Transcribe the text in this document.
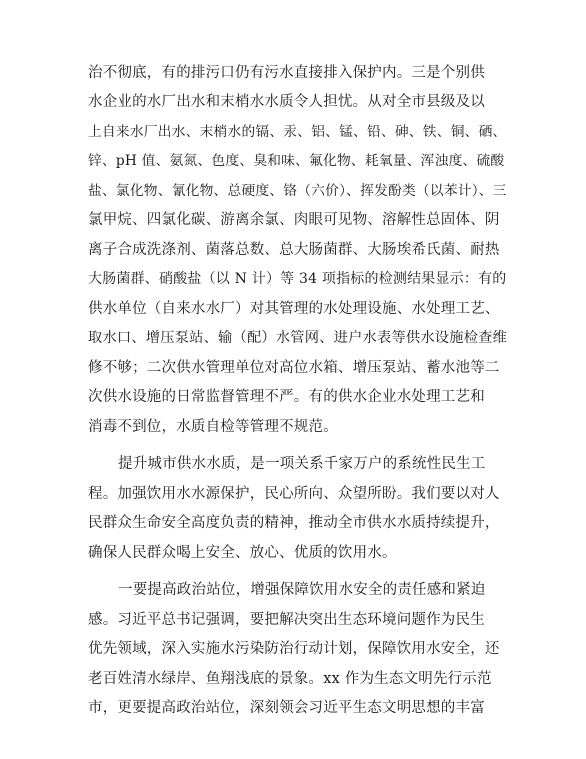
治不彻底，有的排污口仍有污水直接排入保护内。三是个别供
水企业的水厂出水和末梢水水质令人担忧。从对全市县级及以
上自来水厂出水、末梢水的镉、汞、铝、锰、铅、砷、铁、铜、硒、
锌、pH 值、氨氮、色度、臭和味、氟化物、耗氧量、浑浊度、硫酸
盐、氯化物、氰化物、总硬度、铬（六价）、挥发酚类（以苯计）、三
氯甲烷、四氯化碳、游离余氯、肉眼可见物、溶解性总固体、阴
离子合成洗涤剂、菌落总数、总大肠菌群、大肠埃希氏菌、耐热
大肠菌群、硝酸盐（以 N 计）等 34 项指标的检测结果显示：有的
供水单位（自来水水厂）对其管理的水处理设施、水处理工艺、
取水口、增压泵站、输（配）水管网、进户水表等供水设施检查维
修不够；二次供水管理单位对高位水箱、增压泵站、蓄水池等二
次供水设施的日常监督管理不严。有的供水企业水处理工艺和
消毒不到位，水质自检等管理不规范。
提升城市供水水质，是一项关系千家万户的系统性民生工
程。加强饮用水水源保护，民心所向、众望所盼。我们要以对人
民群众生命安全高度负责的精神，推动全市供水水质持续提升，
确保人民群众喝上安全、放心、优质的饮用水。
一要提高政治站位，增强保障饮用水安全的责任感和紧迫
感。习近平总书记强调，要把解决突出生态环境问题作为民生
优先领域，深入实施水污染防治行动计划，保障饮用水安全，还
老百姓清水绿岸、鱼翔浅底的景象。xx 作为生态文明先行示范
市，更要提高政治站位，深刻领会习近平生态文明思想的丰富
